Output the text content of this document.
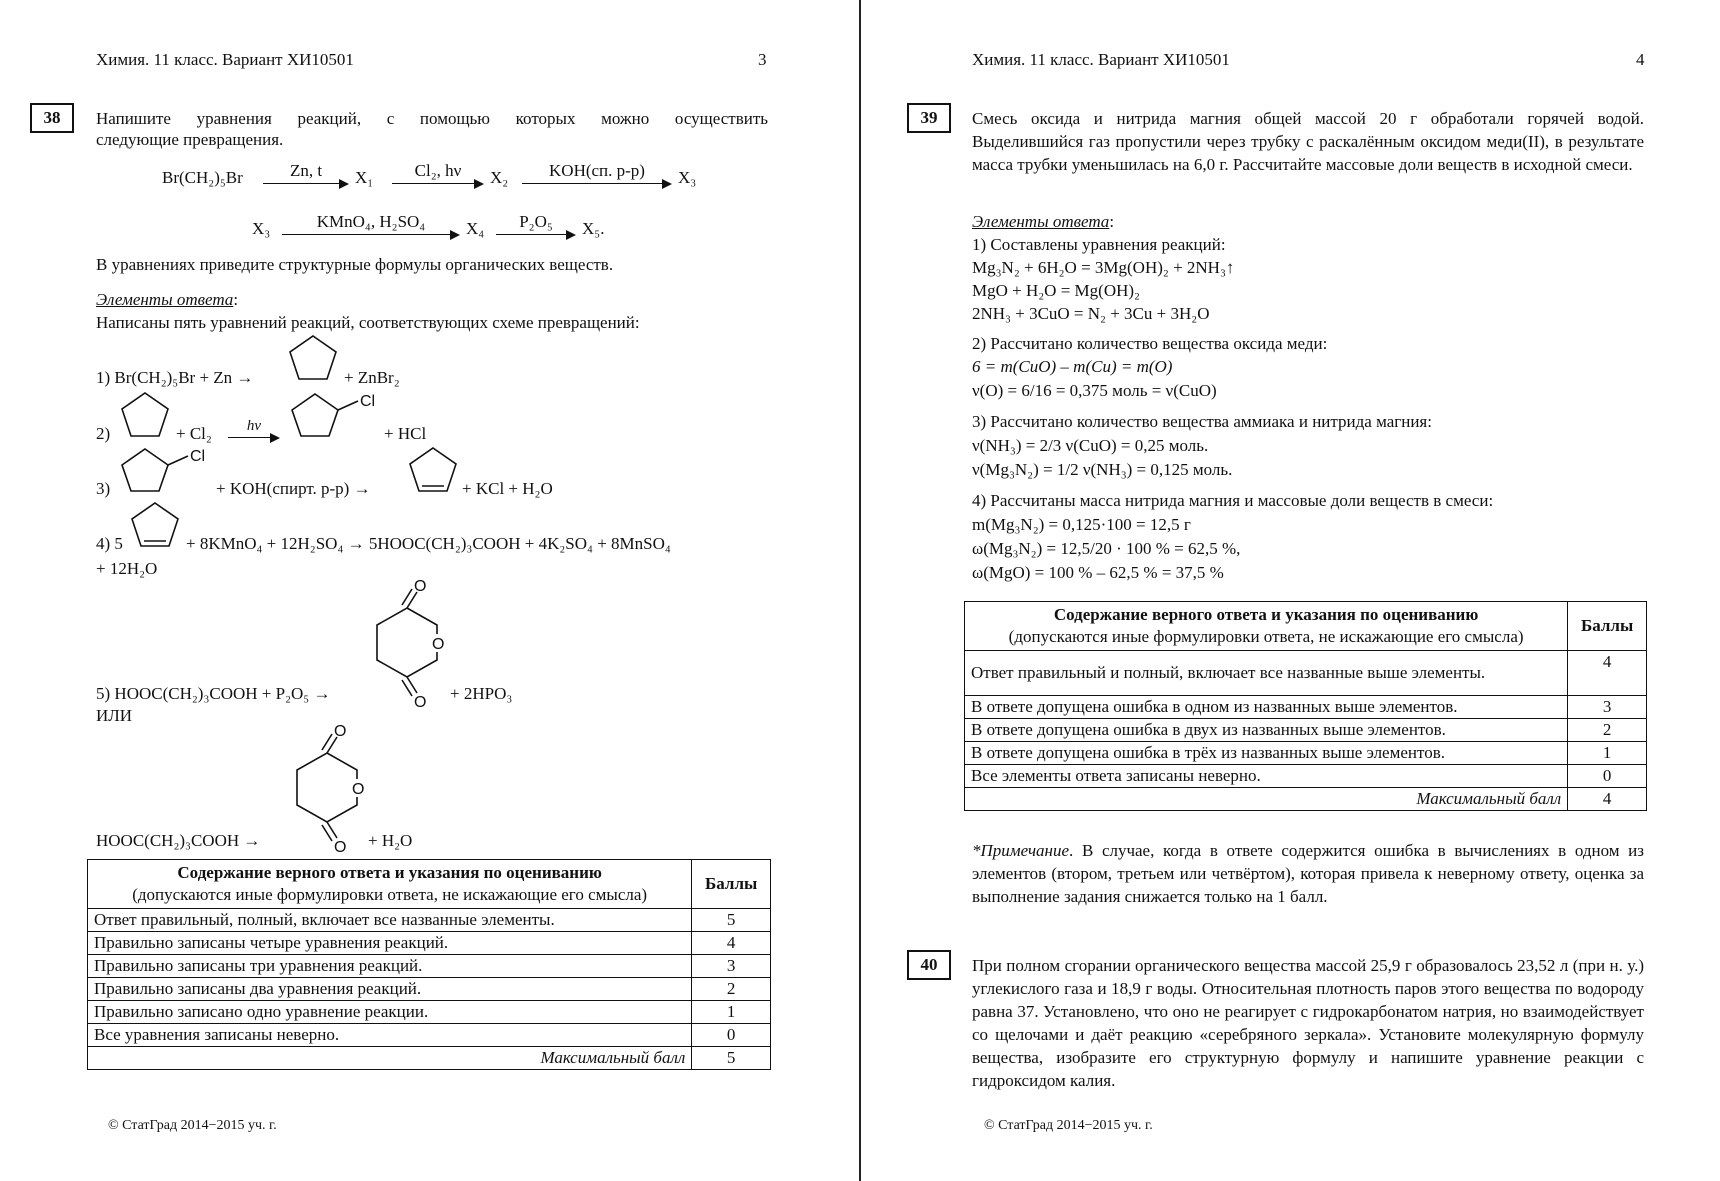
Химия. 11 класс. Вариант ХИ10501	3
38	Напишите уравнения реакций, с помощью которых можно осуществить
следующие превращения.
Br(CH₂)₅Br	Zn, t	X₁	Cl₂, hν	X₂	KOH(сп. р-р)	X₃
X₃	KMnO₄, H₂SO₄	X₄	P₂O₅	X₅.
В уравнениях приведите структурные формулы органических веществ.
Элементы ответа:
Написаны пять уравнений реакций, соответствующих схеме превращений:
1) Br(CH₂)₅Br + Zn →	+ ZnBr₂
2)	+ Cl₂	hν
Cl
+ HCl
3)
Cl
+ KOH(спирт. р-р) →	+ KCl + H₂O
4) 5	+ 8KMnO₄ + 12H₂SO₄ → 5HOOC(CH₂)₃COOH + 4K₂SO₄ + 8MnSO₄
+ 12H₂O
O
O
O
5) HOOC(CH₂)₃COOH + P₂O₅ →	+ 2HPO₃
ИЛИ
O
O
O
HOOC(CH₂)₃COOH →	+ H₂O
Содержание верного ответа и указания по оцениванию
(допускаются иные формулировки ответа, не искажающие его смысла)	Баллы
Ответ правильный, полный, включает все названные элементы.	5
Правильно записаны четыре уравнения реакций.	4
Правильно записаны три уравнения реакций.	3
Правильно записаны два уравнения реакций.	2
Правильно записано одно уравнение реакции.	1
Все уравнения записаны неверно.	0
Максимальный балл	5
© СтатГрад 2014−2015 уч. г.
Химия. 11 класс. Вариант ХИ10501	4
39	Смесь оксида и нитрида магния общей массой 20 г обработали горячей водой. Выделившийся газ пропустили через трубку с раскалённым оксидом меди(II), в результате масса трубки уменьшилась на 6,0 г. Рассчитайте массовые доли веществ в исходной смеси.
Элементы ответа:
1) Составлены уравнения реакций:
Mg₃N₂ + 6H₂O = 3Mg(OH)₂ + 2NH₃↑
MgO + H₂O = Mg(OH)₂
2NH₃ + 3CuO = N₂ + 3Cu + 3H₂O
2) Рассчитано количество вещества оксида меди:
6 = m(CuO) – m(Cu) = m(O)
ν(O) = 6/16 = 0,375 моль = ν(CuO)
3) Рассчитано количество вещества аммиака и нитрида магния:
ν(NH₃) = 2/3 ν(CuO) = 0,25 моль.
ν(Mg₃N₂) = 1/2 ν(NH₃) = 0,125 моль.
4) Рассчитаны масса нитрида магния и массовые доли веществ в смеси:
m(Mg₃N₂) = 0,125·100 = 12,5 г
ω(Mg₃N₂) = 12,5/20 · 100 % = 62,5 %,
ω(MgO) = 100 % – 62,5 % = 37,5 %
Содержание верного ответа и указания по оцениванию
(допускаются иные формулировки ответа, не искажающие его смысла)	Баллы
Ответ правильный и полный, включает все названные выше элементы.	4
В ответе допущена ошибка в одном из названных выше элементов.	3
В ответе допущена ошибка в двух из названных выше элементов.	2
В ответе допущена ошибка в трёх из названных выше элементов.	1
Все элементы ответа записаны неверно.	0
Максимальный балл	4
*Примечание. В случае, когда в ответе содержится ошибка в вычислениях в одном из элементов (втором, третьем или четвёртом), которая привела к неверному ответу, оценка за выполнение задания снижается только на 1 балл.
40	При полном сгорании органического вещества массой 25,9 г образовалось 23,52 л (при н. у.) углекислого газа и 18,9 г воды. Относительная плотность паров этого вещества по водороду равна 37. Установлено, что оно не реагирует с гидрокарбонатом натрия, но взаимодействует со щелочами и даёт реакцию «серебряного зеркала». Установите молекулярную формулу вещества, изобразите его структурную формулу и напишите уравнение реакции с гидроксидом калия.
© СтатГрад 2014−2015 уч. г.
